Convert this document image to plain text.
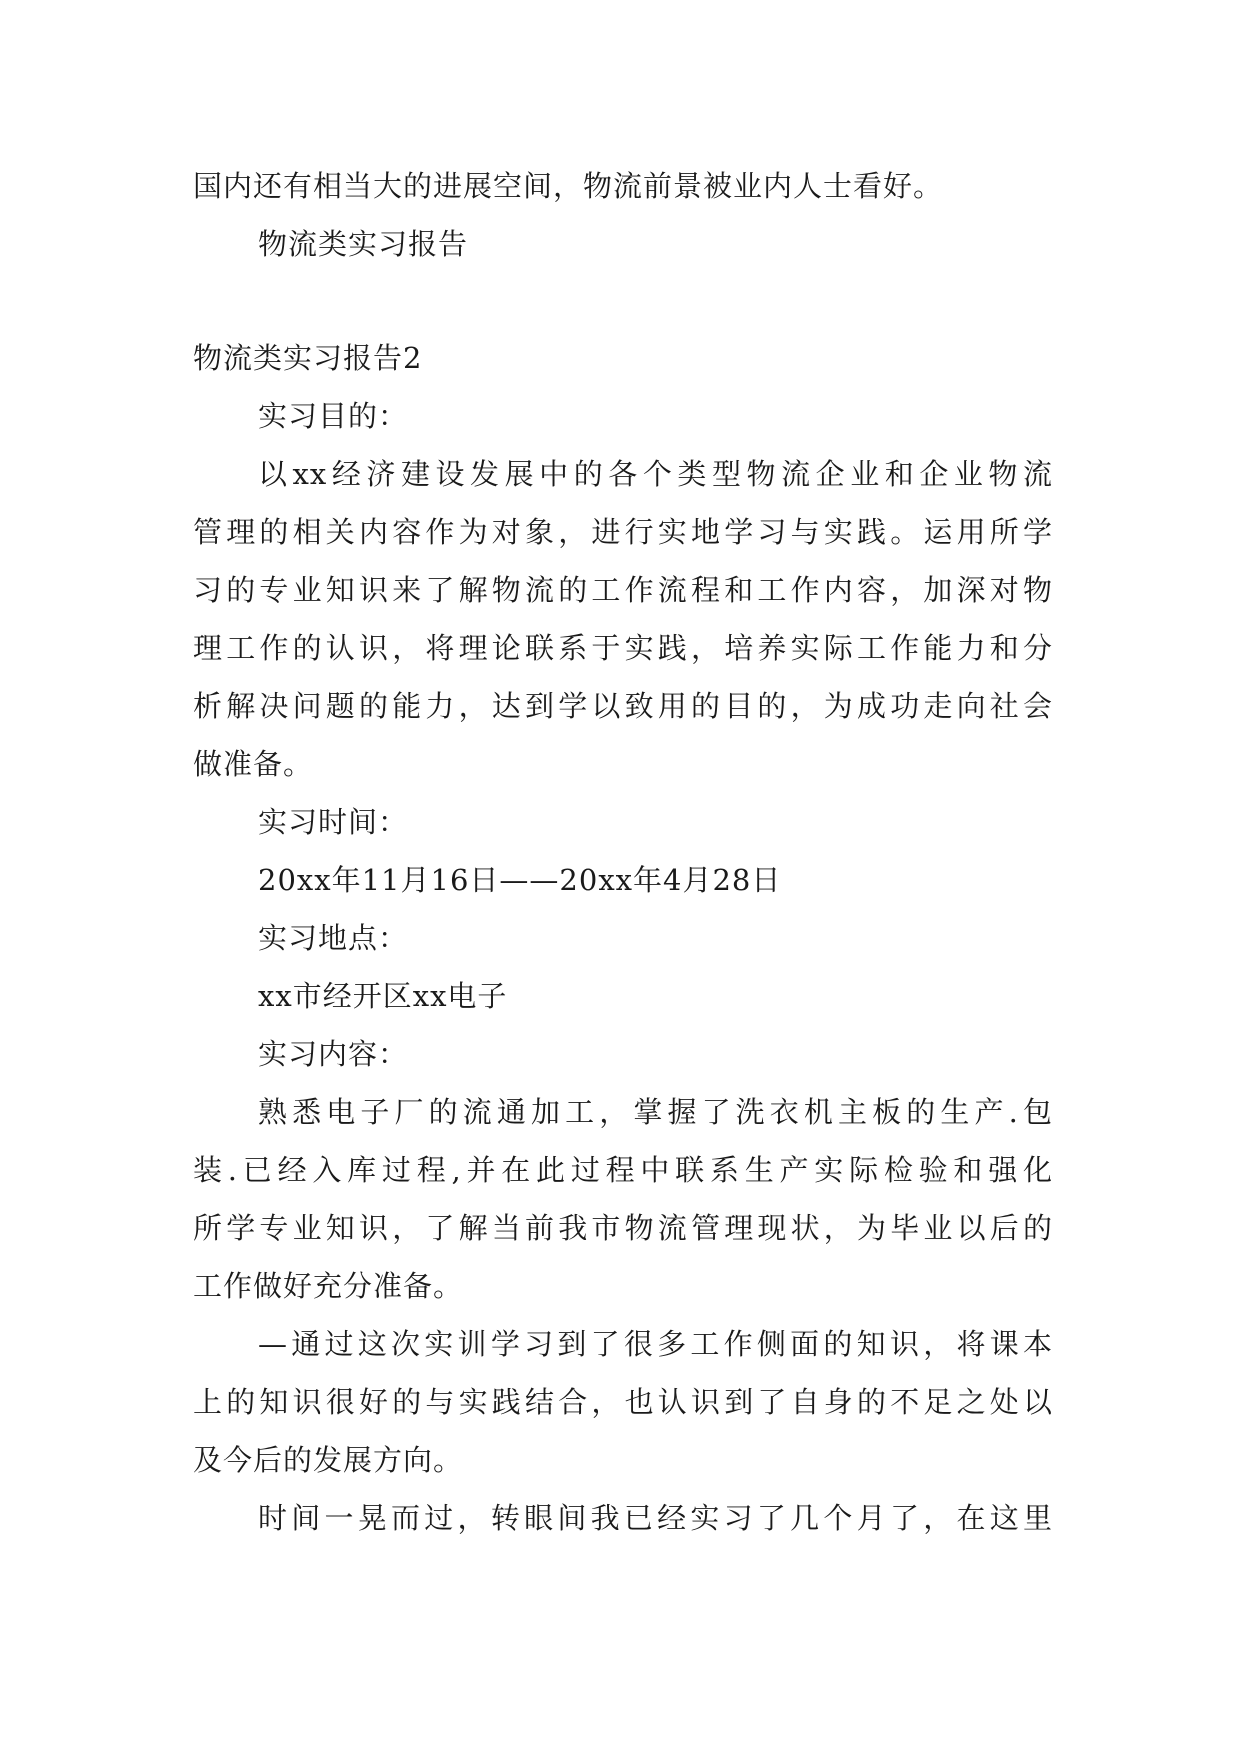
国内还有相当大的进展空间，物流前景被业内人士看好。
物流类实习报告
物流类实习报告2
实习目的：
以xx经济建设发展中的各个类型物流企业和企业物流
管理的相关内容作为对象，进行实地学习与实践。运用所学
习的专业知识来了解物流的工作流程和工作内容，加深对物
理工作的认识，将理论联系于实践，培养实际工作能力和分
析解决问题的能力，达到学以致用的目的，为成功走向社会
做准备。
实习时间：
20xx年11月16日——20xx年4月28日
实习地点：
xx市经开区xx电子
实习内容：
熟悉电子厂的流通加工，掌握了洗衣机主板的生产.包
装.已经入库过程,并在此过程中联系生产实际检验和强化
所学专业知识，了解当前我市物流管理现状，为毕业以后的
工作做好充分准备。
—通过这次实训学习到了很多工作侧面的知识，将课本
上的知识很好的与实践结合，也认识到了自身的不足之处以
及今后的发展方向。
时间一晃而过，转眼间我已经实习了几个月了，在这里
